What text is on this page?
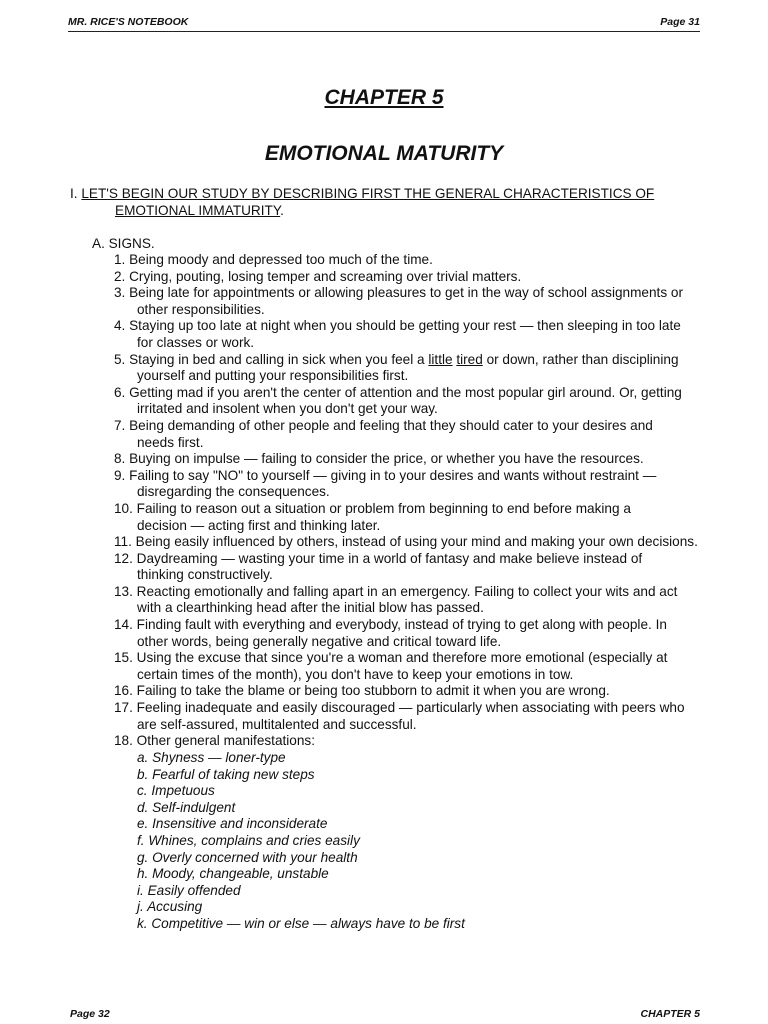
MR. RICE'S NOTEBOOK	Page 31
CHAPTER 5
EMOTIONAL MATURITY
I. LET'S BEGIN OUR STUDY BY DESCRIBING FIRST THE GENERAL CHARACTERISTICS OF
EMOTIONAL IMMATURITY.
A. SIGNS.
1. Being moody and depressed too much of the time.
2. Crying, pouting, losing temper and screaming over trivial matters.
3. Being late for appointments or allowing pleasures to get in the way of school assignments or
other responsibilities.
4. Staying up too late at night when you should be getting your rest — then sleeping in too late
for classes or work.
5. Staying in bed and calling in sick when you feel a little tired or down, rather than disciplining
yourself and putting your responsibilities first.
6. Getting mad if you aren't the center of attention and the most popular girl around. Or, getting
irritated and insolent when you don't get your way.
7. Being demanding of other people and feeling that they should cater to your desires and
needs first.
8. Buying on impulse — failing to consider the price, or whether you have the resources.
9. Failing to say "NO" to yourself — giving in to your desires and wants without restraint —
disregarding the consequences.
10. Failing to reason out a situation or problem from beginning to end before making a
decision — acting first and thinking later.
11. Being easily influenced by others, instead of using your mind and making your own decisions.
12. Daydreaming — wasting your time in a world of fantasy and make believe instead of
thinking constructively.
13. Reacting emotionally and falling apart in an emergency. Failing to collect your wits and act
with a clearthinking head after the initial blow has passed.
14. Finding fault with everything and everybody, instead of trying to get along with people. In
other words, being generally negative and critical toward life.
15. Using the excuse that since you're a woman and therefore more emotional (especially at
certain times of the month), you don't have to keep your emotions in tow.
16. Failing to take the blame or being too stubborn to admit it when you are wrong.
17. Feeling inadequate and easily discouraged — particularly when associating with peers who
are self-assured, multitalented and successful.
18. Other general manifestations:
a. Shyness — loner-type
b. Fearful of taking new steps
c. Impetuous
d. Self-indulgent
e. Insensitive and inconsiderate
f. Whines, complains and cries easily
g. Overly concerned with your health
h. Moody, changeable, unstable
i. Easily offended
j. Accusing
k. Competitive — win or else — always have to be first
Page 32	CHAPTER 5
